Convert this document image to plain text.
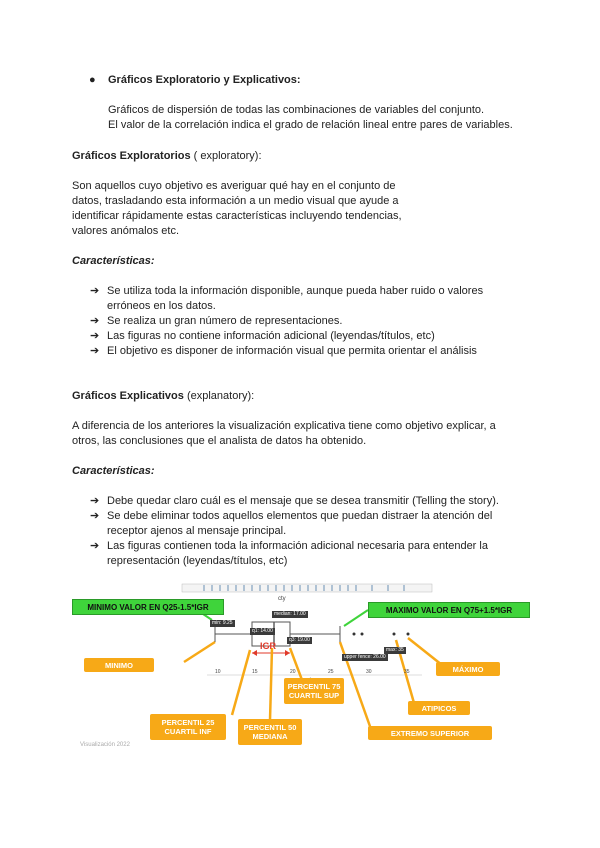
● Gráficos Exploratorio y Explicativos:
Gráficos de dispersión de todas las combinaciones de variables del conjunto.
El valor de la correlación indica el grado de relación lineal entre pares de variables.
Gráficos Exploratorios ( exploratory):
Son aquellos cuyo objetivo es averiguar qué hay en el conjunto de
datos, trasladando esta información a un medio visual que ayude a
identificar rápidamente estas características incluyendo tendencias,
valores anómalos etc.
Características:
➔ Se utiliza toda la información disponible, aunque pueda haber ruido o valores erróneos en los datos.
➔ Se realiza un gran número de representaciones.
➔ Las figuras no contiene información adicional (leyendas/títulos, etc)
➔ El objetivo es disponer de información visual que permita orientar el análisis
Gráficos Explicativos (explanatory):
A diferencia de los anteriores la visualización explicativa tiene como objetivo explicar, a
otros, las conclusiones que el analista de datos ha obtenido.
Características:
➔ Debe quedar claro cuál es el mensaje que se desea transmitir (Telling the story).
➔ Se debe eliminar todos aquellos elementos que puedan distraer la atención del receptor ajenos al mensaje principal.
➔ Las figuras contienen toda la información adicional necesaria para entender la representación (leyendas/títulos, etc)
cty
10	15	20	25	30	35
min: 9.25
q1: 14.00
median: 17.00
q3: 19.00
upper fence: 26.00
max: 35
IGR
MINIMO VALOR EN Q25-1.5*IGR	MAXIMO VALOR EN Q75+1.5*IGR
MINIMO	MÁXIMO
PERCENTIL 75 CUARTIL SUP
PERCENTIL 25 CUARTIL INF	PERCENTIL 50 MEDIANA
ATIPICOS
EXTREMO SUPERIOR
Visualización 2022
